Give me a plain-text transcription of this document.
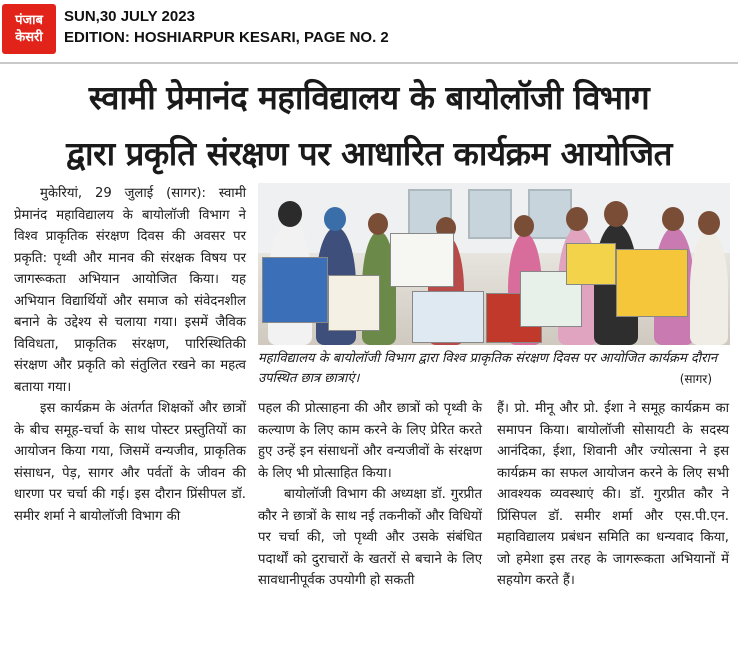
पंजाब
केसरी
SUN,30 JULY 2023
EDITION: HOSHIARPUR KESARI, PAGE NO. 2
स्वामी प्रेमानंद महाविद्यालय के बायोलॉजी विभाग
द्वारा प्रकृति संरक्षण पर आधारित कार्यक्रम आयोजित

मुकेरियां, 29 जुलाई (सागर): स्वामी प्रेमानंद महाविद्यालय के बायोलॉजी विभाग ने विश्व प्राकृतिक संरक्षण दिवस की अवसर पर प्रकृति: पृथ्वी और मानव की संरक्षक विषय पर जागरूकता अभियान आयोजित किया। यह अभियान विद्यार्थियों और समाज को संवेदनशील बनाने के उद्देश्य से चलाया गया। इसमें जैविक विविधता, प्राकृतिक संरक्षण, पारिस्थितिकी संरक्षण और प्रकृति को संतुलित रखने का महत्व बताया गया।

इस कार्यक्रम के अंतर्गत शिक्षकों और छात्रों के बीच समूह-चर्चा के साथ पोस्टर प्रस्तुतियों का आयोजन किया गया, जिसमें वन्यजीव, प्राकृतिक संसाधन, पेड़, सागर और पर्वतों के जीवन की धारणा पर चर्चा की गई। इस दौरान प्रिंसीपल डॉ. समीर शर्मा ने बायोलॉजी विभाग की

महाविद्यालय के बायोलॉजी विभाग द्वारा विश्व प्राकृतिक संरक्षण दिवस पर आयोजित कार्यक्रम दौरान उपस्थित छात्र छात्राएं।	(सागर)

पहल की प्रोत्साहना की और छात्रों को पृथ्वी के कल्याण के लिए काम करने के लिए प्रेरित करते हुए उन्हें इन संसाधनों और वन्यजीवों के संरक्षण के लिए भी प्रोत्साहित किया।

बायोलॉजी विभाग की अध्यक्षा डॉ. गुरप्रीत कौर ने छात्रों के साथ नई तकनीकों और विधियों पर चर्चा की, जो पृथ्वी और उसके संबंधित पदार्थों को दुराचारों के खतरों से बचाने के लिए सावधानीपूर्वक उपयोगी हो सकती

हैं। प्रो. मीनू और प्रो. ईशा ने समूह कार्यक्रम का समापन किया। बायोलॉजी सोसायटी के सदस्य आनंदिका, ईशा, शिवानी और ज्योत्सना ने इस कार्यक्रम का सफल आयोजन करने के लिए सभी आवश्यक व्यवस्थाएं की। डॉ. गुरप्रीत कौर ने प्रिंसिपल डॉ. समीर शर्मा और एस.पी.एन. महाविद्यालय प्रबंधन समिति का धन्यवाद किया, जो हमेशा इस तरह के जागरूकता अभियानों में सहयोग करते हैं।
